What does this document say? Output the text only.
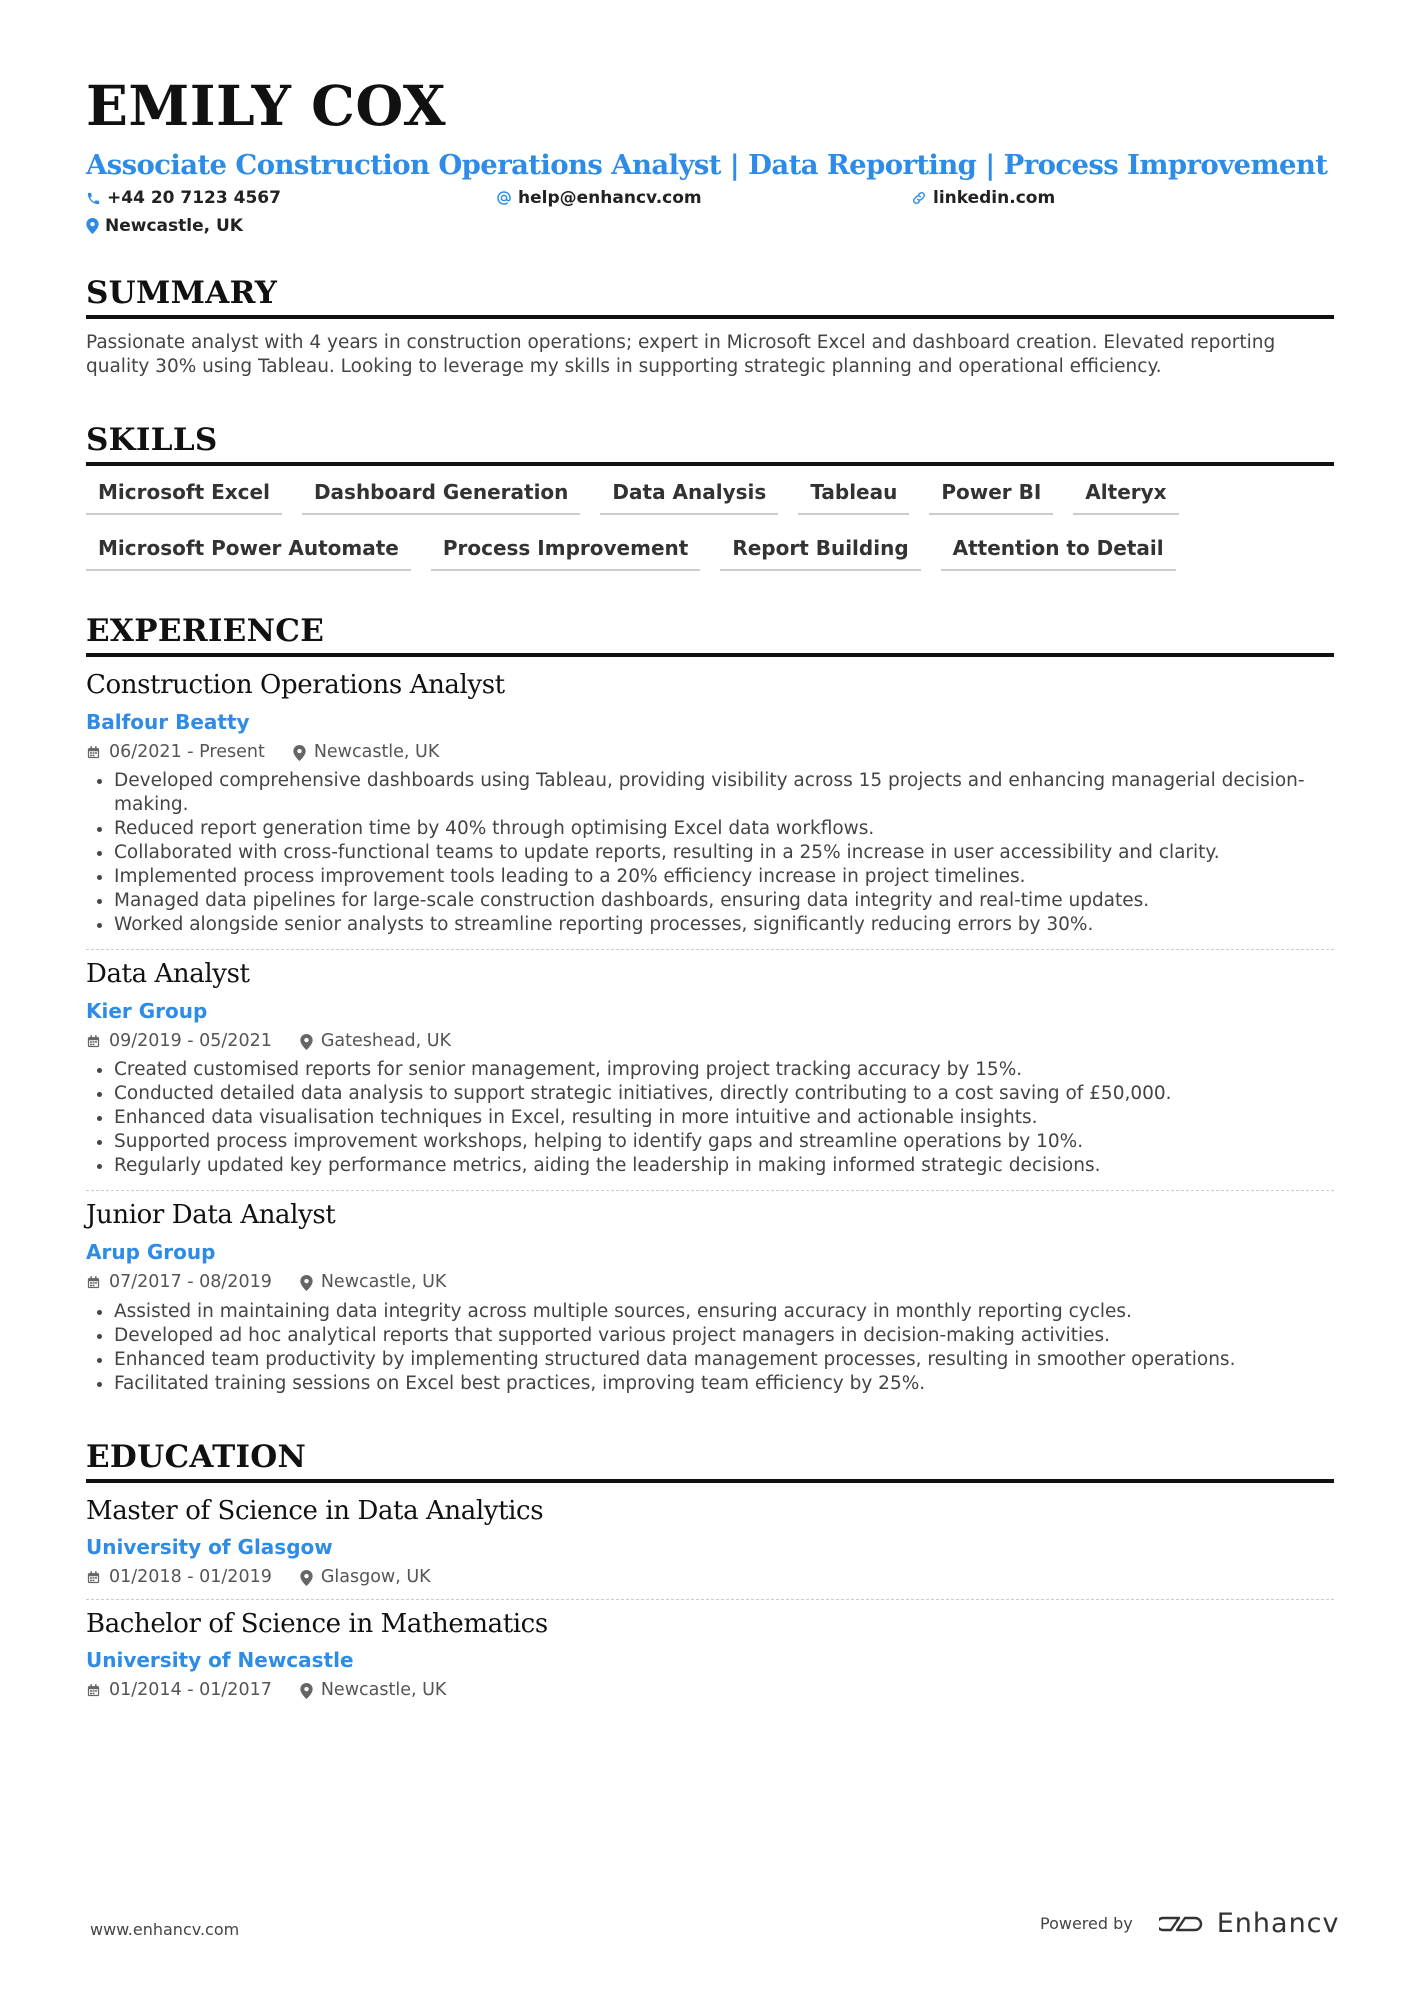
EMILY COX
Associate Construction Operations Analyst | Data Reporting | Process Improvement
+44 20 7123 4567	help@enhancv.com	linkedin.com
Newcastle, UK
SUMMARY
Passionate analyst with 4 years in construction operations; expert in Microsoft Excel and dashboard creation. Elevated reporting quality 30% using Tableau. Looking to leverage my skills in supporting strategic planning and operational efficiency.
SKILLS
Microsoft Excel	Dashboard Generation	Data Analysis	Tableau	Power BI	Alteryx
Microsoft Power Automate	Process Improvement	Report Building	Attention to Detail
EXPERIENCE
Construction Operations Analyst
Balfour Beatty
06/2021 - Present	Newcastle, UK
• Developed comprehensive dashboards using Tableau, providing visibility across 15 projects and enhancing managerial decision-making.
• Reduced report generation time by 40% through optimising Excel data workflows.
• Collaborated with cross-functional teams to update reports, resulting in a 25% increase in user accessibility and clarity.
• Implemented process improvement tools leading to a 20% efficiency increase in project timelines.
• Managed data pipelines for large-scale construction dashboards, ensuring data integrity and real-time updates.
• Worked alongside senior analysts to streamline reporting processes, significantly reducing errors by 30%.
Data Analyst
Kier Group
09/2019 - 05/2021	Gateshead, UK
• Created customised reports for senior management, improving project tracking accuracy by 15%.
• Conducted detailed data analysis to support strategic initiatives, directly contributing to a cost saving of £50,000.
• Enhanced data visualisation techniques in Excel, resulting in more intuitive and actionable insights.
• Supported process improvement workshops, helping to identify gaps and streamline operations by 10%.
• Regularly updated key performance metrics, aiding the leadership in making informed strategic decisions.
Junior Data Analyst
Arup Group
07/2017 - 08/2019	Newcastle, UK
• Assisted in maintaining data integrity across multiple sources, ensuring accuracy in monthly reporting cycles.
• Developed ad hoc analytical reports that supported various project managers in decision-making activities.
• Enhanced team productivity by implementing structured data management processes, resulting in smoother operations.
• Facilitated training sessions on Excel best practices, improving team efficiency by 25%.
EDUCATION
Master of Science in Data Analytics
University of Glasgow
01/2018 - 01/2019	Glasgow, UK
Bachelor of Science in Mathematics
University of Newcastle
01/2014 - 01/2017	Newcastle, UK
www.enhancv.com	Powered by	Enhancv
